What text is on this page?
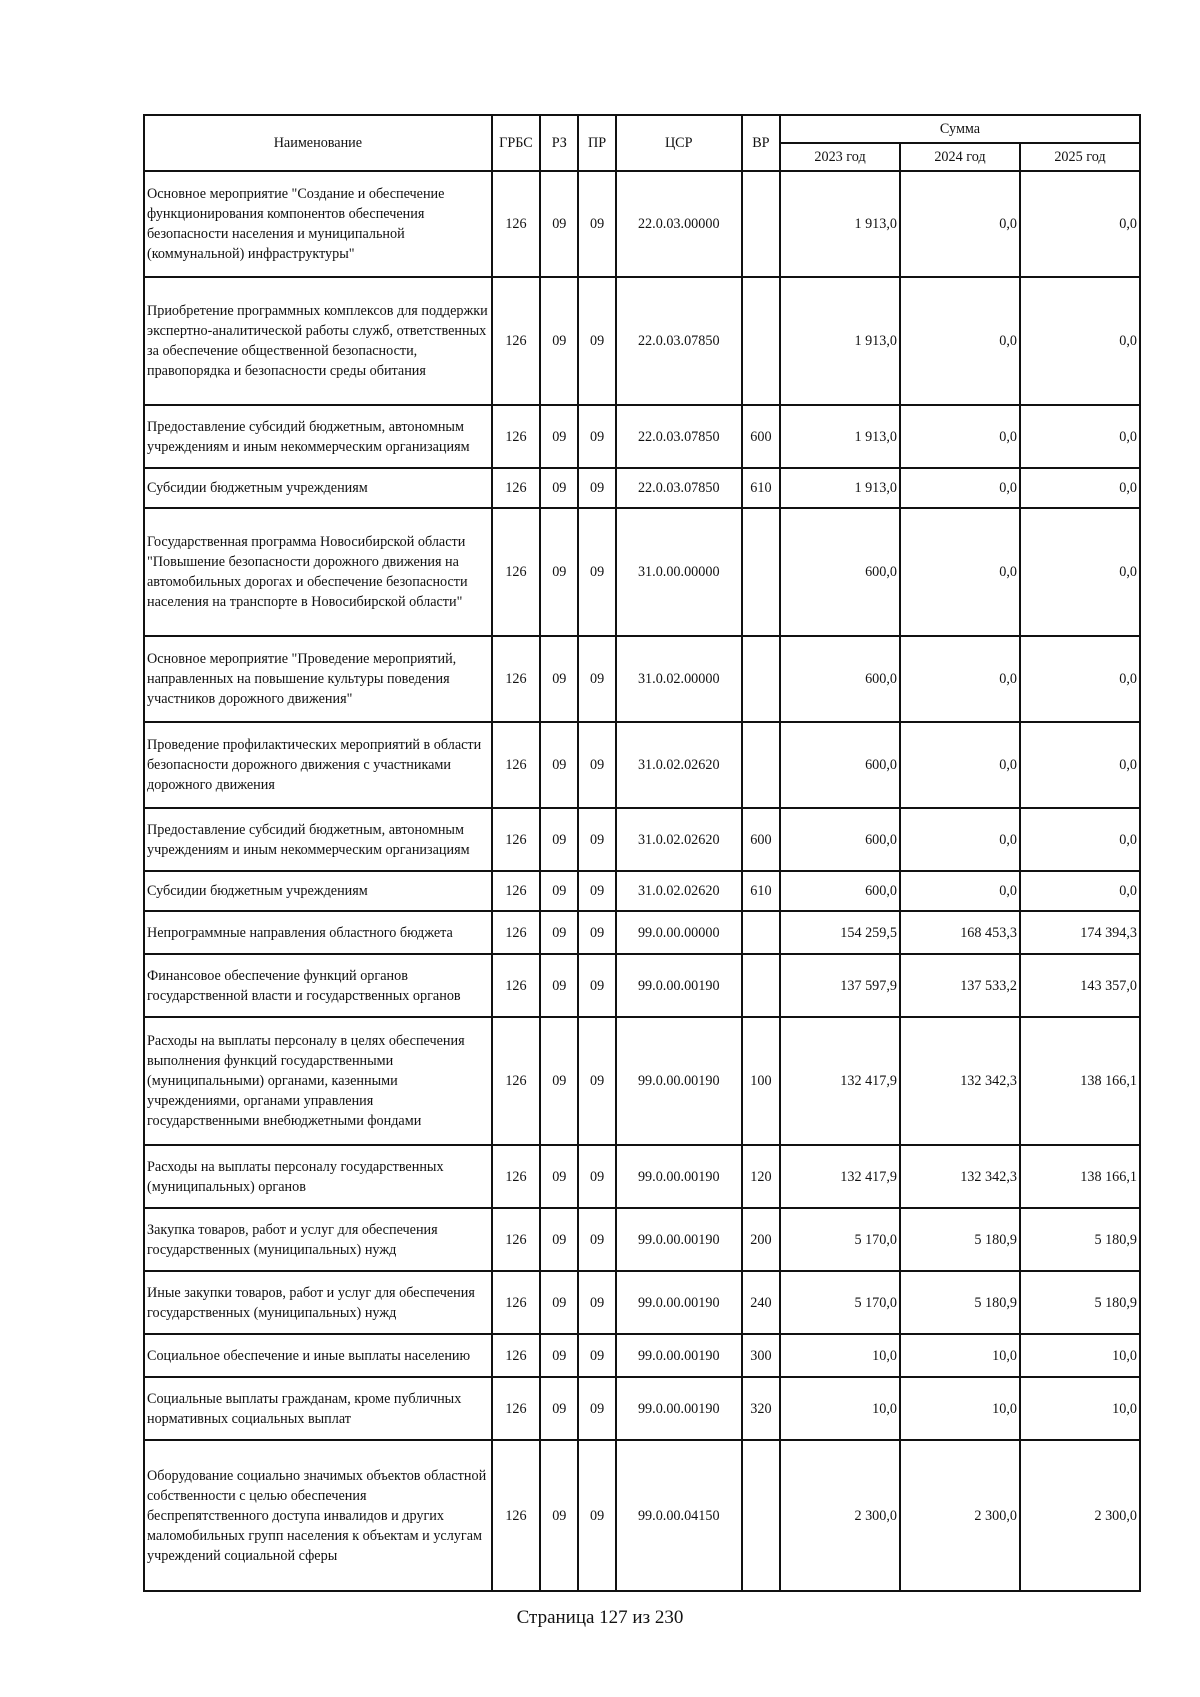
Наименование	ГРБС	РЗ	ПР	ЦСР	ВР	Сумма		
						2023 год	2024 год	2025 год
Основное мероприятие "Создание и обеспечение функционирования компонентов обеспечения безопасности населения и муниципальной (коммунальной) инфраструктуры"	126	09	09	22.0.03.00000		1 913,0	0,0	0,0
Приобретение программных комплексов для поддержки экспертно-аналитической работы служб, ответственных за обеспечение общественной безопасности, правопорядка и безопасности среды обитания	126	09	09	22.0.03.07850		1 913,0	0,0	0,0
Предоставление субсидий бюджетным, автономным учреждениям и иным некоммерческим организациям	126	09	09	22.0.03.07850	600	1 913,0	0,0	0,0
Субсидии бюджетным учреждениям	126	09	09	22.0.03.07850	610	1 913,0	0,0	0,0
Государственная программа Новосибирской области "Повышение безопасности дорожного движения на автомобильных дорогах и обеспечение безопасности населения на транспорте в Новосибирской области"	126	09	09	31.0.00.00000		600,0	0,0	0,0
Основное мероприятие "Проведение мероприятий, направленных на повышение культуры поведения участников дорожного движения"	126	09	09	31.0.02.00000		600,0	0,0	0,0
Проведение профилактических мероприятий в области безопасности дорожного движения с участниками дорожного движения	126	09	09	31.0.02.02620		600,0	0,0	0,0
Предоставление субсидий бюджетным, автономным учреждениям и иным некоммерческим организациям	126	09	09	31.0.02.02620	600	600,0	0,0	0,0
Субсидии бюджетным учреждениям	126	09	09	31.0.02.02620	610	600,0	0,0	0,0
Непрограммные направления областного бюджета	126	09	09	99.0.00.00000		154 259,5	168 453,3	174 394,3
Финансовое обеспечение функций органов государственной власти и государственных органов	126	09	09	99.0.00.00190		137 597,9	137 533,2	143 357,0
Расходы на выплаты персоналу в целях обеспечения выполнения функций государственными (муниципальными) органами, казенными учреждениями, органами управления государственными внебюджетными фондами	126	09	09	99.0.00.00190	100	132 417,9	132 342,3	138 166,1
Расходы на выплаты персоналу государственных (муниципальных) органов	126	09	09	99.0.00.00190	120	132 417,9	132 342,3	138 166,1
Закупка товаров, работ и услуг для обеспечения государственных (муниципальных) нужд	126	09	09	99.0.00.00190	200	5 170,0	5 180,9	5 180,9
Иные закупки товаров, работ и услуг для обеспечения государственных (муниципальных) нужд	126	09	09	99.0.00.00190	240	5 170,0	5 180,9	5 180,9
Социальное обеспечение и иные выплаты населению	126	09	09	99.0.00.00190	300	10,0	10,0	10,0
Социальные выплаты гражданам, кроме публичных нормативных социальных выплат	126	09	09	99.0.00.00190	320	10,0	10,0	10,0
Оборудование социально значимых объектов областной собственности с целью обеспечения беспрепятственного доступа инвалидов и других маломобильных групп населения к объектам и услугам учреждений социальной сферы	126	09	09	99.0.00.04150		2 300,0	2 300,0	2 300,0
Страница 127 из 230
